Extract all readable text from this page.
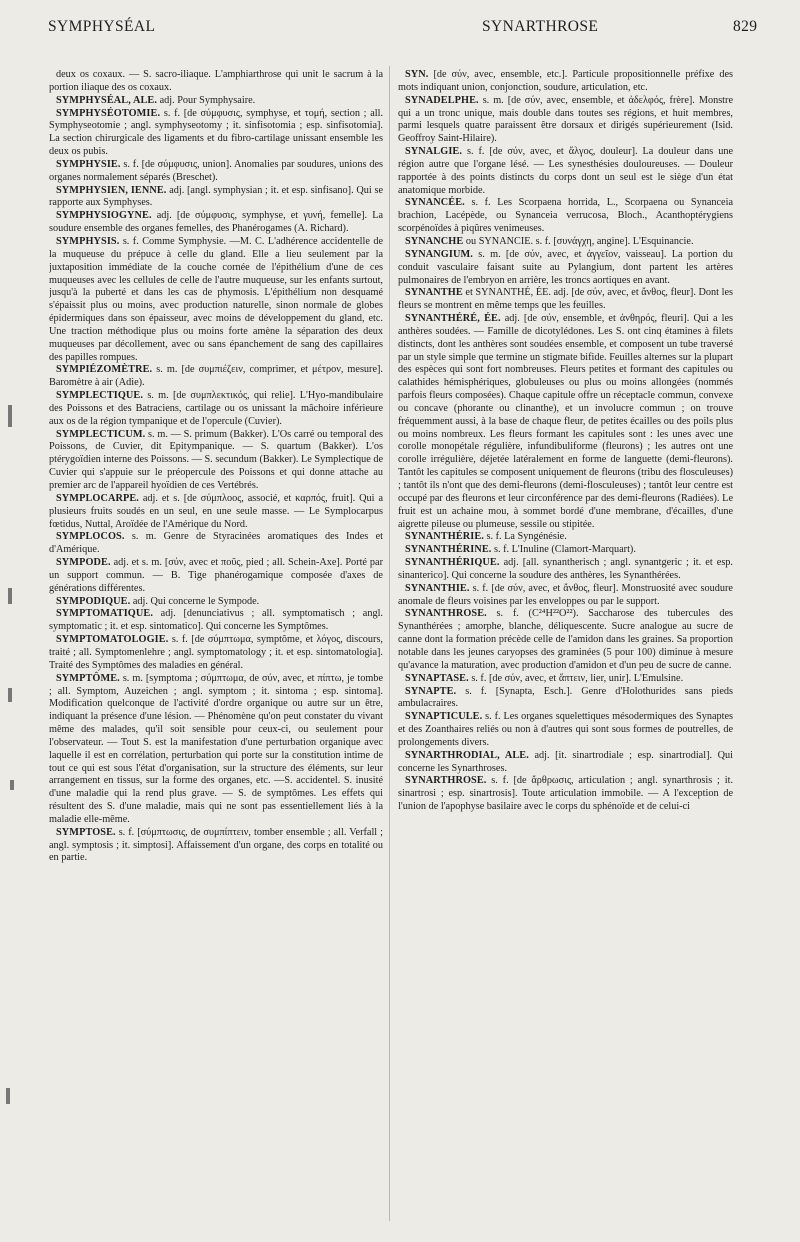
SYMPHYSÉAL	SYNARTHROSE	829

deux os coxaux. — S. sacro-iliaque. L'amphiarthrose qui unit le sacrum à la portion iliaque des os coxaux.

SYMPHYSÉAL, ALE. adj. Pour Symphysaire.

SYMPHYSÉOTOMIE. s. f. [de σύμφυσις, symphyse, et τομή, section ; all. Symphyseotomie ; angl. symphyseotomy ; it. sinfisotomia ; esp. sinfisotomia]. La section chirurgicale des ligaments et du fibro-cartilage unissant ensemble les deux os pubis.

SYMPHYSIE. s. f. [de σύμφυσις, union]. Anomalies par soudures, unions des organes normalement séparés (Breschet).

SYMPHYSIEN, IENNE. adj. [angl. symphysian ; it. et esp. sinfisano]. Qui se rapporte aux Symphyses.

SYMPHYSIOGYNE. adj. [de σύμφυσις, symphyse, et γυνή, femelle]. La soudure ensemble des organes femelles, des Phanérogames (A. Richard).

SYMPHYSIS. s. f. Comme Symphysie. —M. C. L'adhérence accidentelle de la muqueuse du prépuce à celle du gland. Elle a lieu seulement par la juxtaposition immédiate de la couche cornée de l'épithélium d'une de ces muqueuses avec les cellules de celle de l'autre muqueuse, sur les enfants surtout, jusqu'à la puberté et dans les cas de phymosis. L'épithélium non desquamé s'épaissit plus ou moins, avec production naturelle, sinon normale de globes épidermiques dans son épaisseur, avec moins de développement du gland, etc. Une traction méthodique plus ou moins forte amène la séparation des deux muqueuses par décollement, avec ou sans épanchement de sang des capillaires des papilles rompues.

SYMPIÉZOMÈTRE. s. m. [de συμπιέζειν, comprimer, et μέτρον, mesure]. Baromètre à air (Adie).

SYMPLECTIQUE. s. m. [de συμπλεκτικός, qui relie]. L'Hyo-mandibulaire des Poissons et des Batraciens, cartilage ou os unissant la mâchoire inférieure aux os de la région tympanique et de l'opercule (Cuvier).

SYMPLECTICUM. s. m. — S. primum (Bakker). L'Os carré ou temporal des Poissons, de Cuvier, dit Epitympanique. — S. quartum (Bakker). L'os ptérygoïdien interne des Poissons. — S. secundum (Bakker). Le Symplectique de Cuvier qui s'appuie sur le préopercule des Poissons et qui donne attache au premier arc de l'appareil hyoïdien de ces Vertébrés.

SYMPLOCARPE. adj. et s. [de σύμπλοος, associé, et καρπός, fruit]. Qui a plusieurs fruits soudés en un seul, en une seule masse. — Le Symplocarpus fœtidus, Nuttal, Aroïdée de l'Amérique du Nord.

SYMPLOCOS. s. m. Genre de Styracinées aromatiques des Indes et d'Amérique.

SYMPODE. adj. et s. m. [σύν, avec et ποῦς, pied ; all. Schein-Axe]. Porté par un support commun. — B. Tige phanérogamique composée d'axes de générations différentes.

SYMPODIQUE. adj. Qui concerne le Sympode.

SYMPTOMATIQUE. adj. [denunciativus ; all. symptomatisch ; angl. symptomatic ; it. et esp. sintomatico]. Qui concerne les Symptômes.

SYMPTOMATOLOGIE. s. f. [de σύμπτωμα, symptôme, et λόγος, discours, traité ; all. Symptomenlehre ; angl. symptomatology ; it. et esp. sintomatologia]. Traité des Symptômes des maladies en général.

SYMPTÔME. s. m. [symptoma ; σύμπτωμα, de σύν, avec, et πίπτω, je tombe ; all. Symptom, Auzeichen ; angl. symptom ; it. sintoma ; esp. sintoma]. Modification quelconque de l'activité d'ordre organique ou autre sur un être, indiquant la présence d'une lésion. — Phénomène qu'on peut constater du vivant même des malades, qu'il soit sensible pour ceux-ci, ou seulement pour l'observateur. — Tout S. est la manifestation d'une perturbation organique avec laquelle il est en corrélation, perturbation qui porte sur la constitution intime de tout ce qui est sous l'état d'organisation, sur la structure des éléments, sur leur arrangement en tissus, sur la forme des organes, etc. —S. accidentel. S. inusité d'une maladie qui la rend plus grave. — S. de symptômes. Les effets qui résultent des S. d'une maladie, mais qui ne sont pas essentiellement liés à la maladie elle-même.

SYMPTOSE. s. f. [σύμπτωσις, de συμπίπτειν, tomber ensemble ; all. Verfall ; angl. symptosis ; it. simptosi]. Affaissement d'un organe, des corps en totalité ou en partie.

SYN. [de σύν, avec, ensemble, etc.]. Particule propositionnelle préfixe des mots indiquant union, conjonction, soudure, articulation, etc.

SYNADELPHE. s. m. [de σύν, avec, ensemble, et ἀδελφός, frère]. Monstre qui a un tronc unique, mais double dans toutes ses régions, et huit membres, parmi lesquels quatre paraissent être dorsaux et dirigés supérieurement (Isid. Geoffroy Saint-Hilaire).

SYNALGIE. s. f. [de σύν, avec, et ἄλγος, douleur]. La douleur dans une région autre que l'organe lésé. — Les synesthésies douloureuses. — Douleur rapportée à des points distincts du corps dont un seul est le siège d'un état anatomique morbide.

SYNANCÉE. s. f. Les Scorpaena horrida, L., Scorpaena ou Synanceia brachion, Lacépède, ou Synanceia verrucosa, Bloch., Acanthoptérygiens scorpénoïdes à piqûres venimeuses.

SYNANCHE ou SYNANCIE. s. f. [συνάγχη, angine]. L'Esquinancie.

SYNANGIUM. s. m. [de σύν, avec, et ἀγγεῖον, vaisseau]. La portion du conduit vasculaire faisant suite au Pylangium, dont partent les artères pulmonaires de l'embryon en arrière, les troncs aortiques en avant.

SYNANTHE et SYNANTHÉ, ÉE. adj. [de σύν, avec, et ἄνθος, fleur]. Dont les fleurs se montrent en même temps que les feuilles.

SYNANTHÉRÉ, ÉE. adj. [de σύν, ensemble, et ἀνθηρός, fleuri]. Qui a les anthères soudées. — Famille de dicotylédones. Les S. ont cinq étamines à filets distincts, dont les anthères sont soudées ensemble, et composent un tube traversé par un style simple que termine un stigmate bifide. Feuilles alternes sur la plupart des espèces qui sont fort nombreuses. Fleurs petites et formant des capitules ou calathides hémisphériques, globuleuses ou plus ou moins allongées (nommés parfois fleurs composées). Chaque capitule offre un réceptacle commun, convexe ou concave (phorante ou clinanthe), et un involucre commun ; on trouve fréquemment aussi, à la base de chaque fleur, de petites écailles ou des poils plus ou moins nombreux. Les fleurs formant les capitules sont : les unes avec une corolle monopétale régulière, infundibuliforme (fleurons) ; les autres ont une corolle irrégulière, déjetée latéralement en forme de languette (demi-fleurons). Tantôt les capitules se composent uniquement de fleurons (tribu des flosculeuses) ; tantôt ils n'ont que des demi-fleurons (demi-flosculeuses) ; tantôt leur centre est occupé par des fleurons et leur circonférence par des demi-fleurons (Radiées). Le fruit est un achaine mou, à sommet bordé d'une membrane, d'écailles, d'une aigrette pileuse ou plumeuse, sessile ou stipitée.

SYNANTHÉRIE. s. f. La Syngénésie.

SYNANTHÉRINE. s. f. L'Inuline (Clamort-Marquart).

SYNANTHÉRIQUE. adj. [all. synantherisch ; angl. synantgeric ; it. et esp. sinanterico]. Qui concerne la soudure des anthères, les Synanthérées.

SYNANTHIE. s. f. [de σύν, avec, et ἄνθος, fleur]. Monstruosité avec soudure anomale de fleurs voisines par les enveloppes ou par le support.

SYNANTHROSE. s. f. (C²⁴H²²O²²). Saccharose des tubercules des Synanthérées ; amorphe, blanche, déliquescente. Sucre analogue au sucre de canne dont la formation précède celle de l'amidon dans les graines. Sa proportion notable dans les jeunes caryopses des graminées (5 pour 100) diminue à mesure qu'avance la maturation, avec production d'amidon et d'un peu de sucre de canne.

SYNAPTASE. s. f. [de σύν, avec, et ἅπτειν, lier, unir]. L'Emulsine.

SYNAPTE. s. f. [Synapta, Esch.]. Genre d'Holothurides sans pieds ambulacraires.

SYNAPTICULE. s. f. Les organes squelettiques mésodermiques des Synaptes et des Zoanthaires reliés ou non à d'autres qui sont sous formes de poutrelles, de prolongements divers.

SYNARTHRODIAL, ALE. adj. [it. sinartrodiale ; esp. sinartrodial]. Qui concerne les Synarthroses.

SYNARTHROSE. s. f. [de ἄρθρωσις, articulation ; angl. synarthrosis ; it. sinartrosi ; esp. sinartrosis]. Toute articulation immobile. — A l'exception de l'union de l'apophyse basilaire avec le corps du sphénoïde et de celui-ci
